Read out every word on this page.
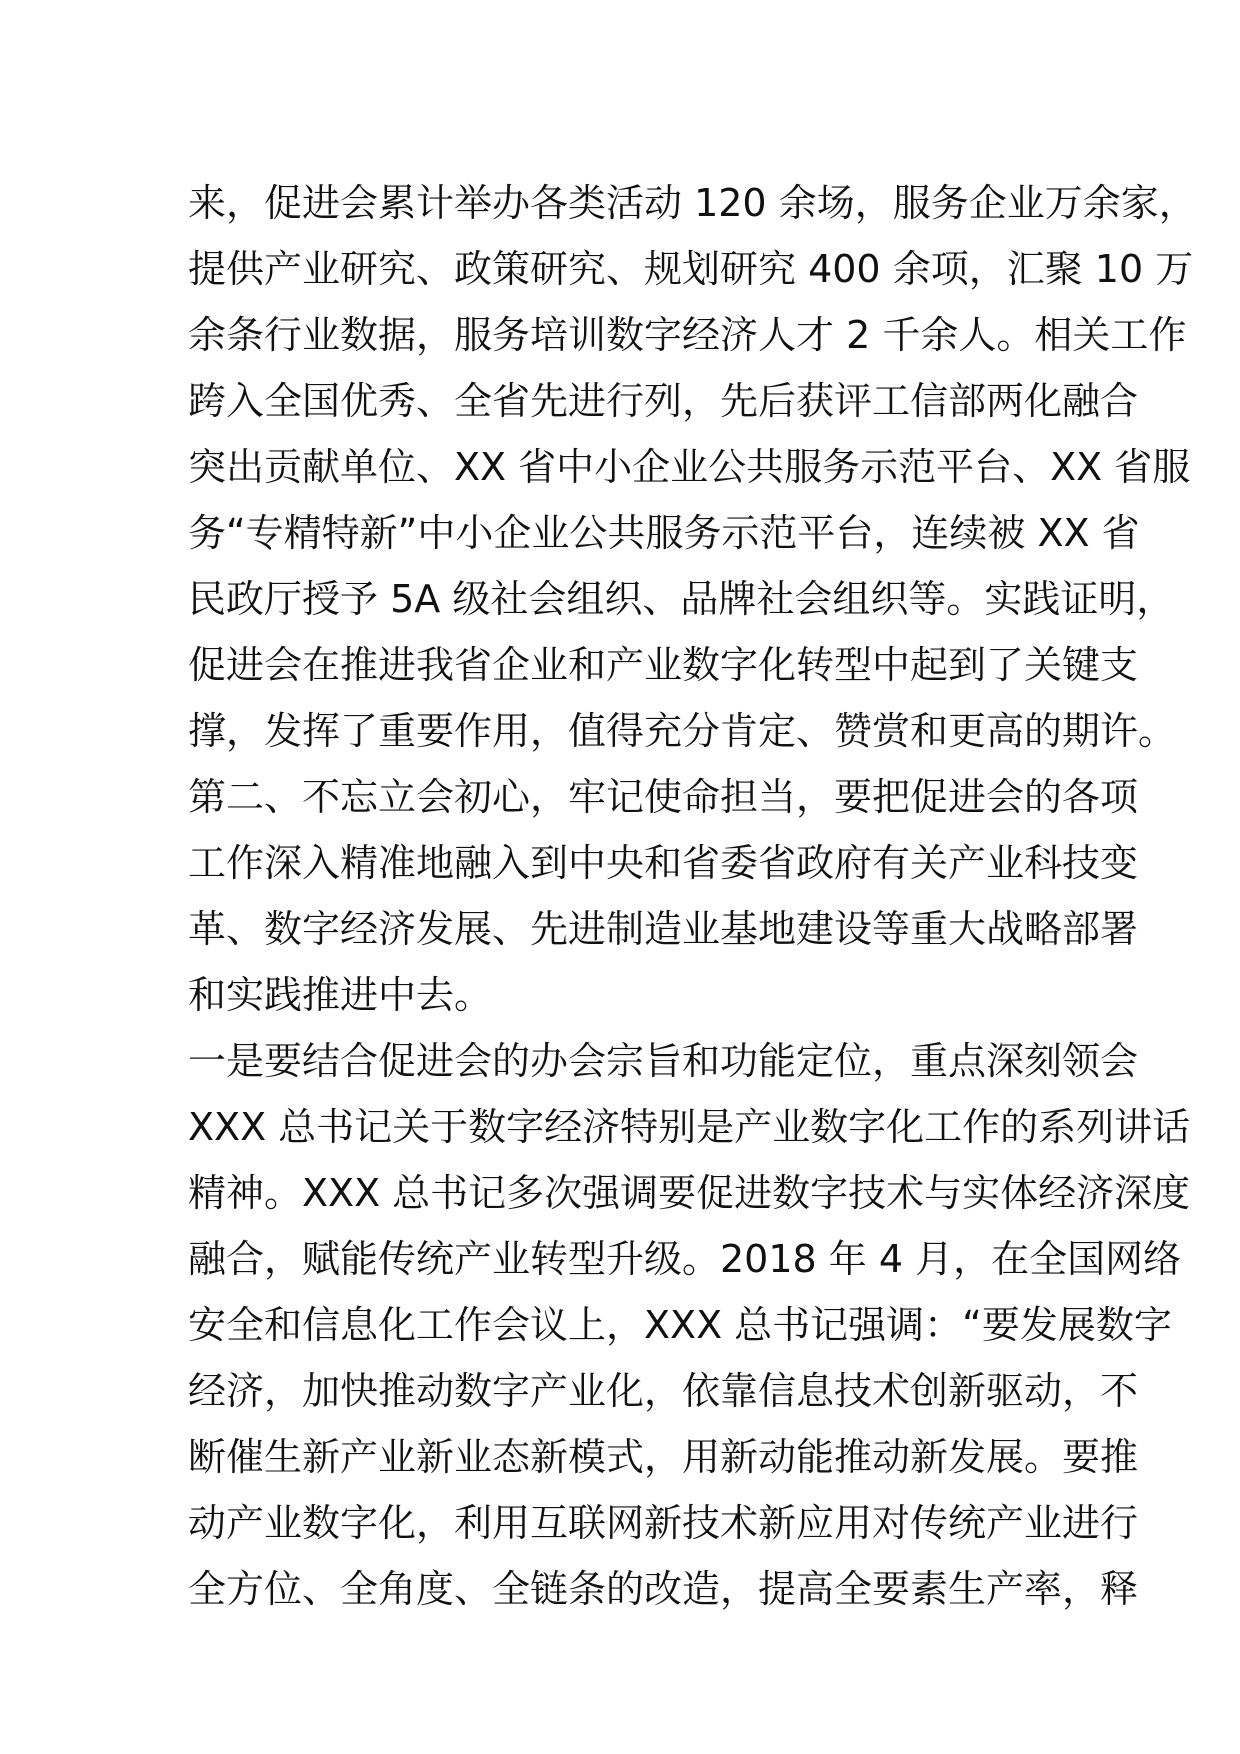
来，促进会累计举办各类活动 120 余场，服务企业万余家，
提供产业研究、政策研究、规划研究 400 余项，汇聚 10 万
余条行业数据，服务培训数字经济人才 2 千余人。相关工作
跨入全国优秀、全省先进行列，先后获评工信部两化融合
突出贡献单位、XX 省中小企业公共服务示范平台、XX 省服
务“专精特新”中小企业公共服务示范平台，连续被 XX 省
民政厅授予 5A 级社会组织、品牌社会组织等。实践证明，
促进会在推进我省企业和产业数字化转型中起到了关键支
撑，发挥了重要作用，值得充分肯定、赞赏和更高的期许。
第二、不忘立会初心，牢记使命担当，要把促进会的各项
工作深入精准地融入到中央和省委省政府有关产业科技变
革、数字经济发展、先进制造业基地建设等重大战略部署
和实践推进中去。
一是要结合促进会的办会宗旨和功能定位，重点深刻领会
XXX 总书记关于数字经济特别是产业数字化工作的系列讲话
精神。XXX 总书记多次强调要促进数字技术与实体经济深度
融合，赋能传统产业转型升级。2018 年 4 月，在全国网络
安全和信息化工作会议上，XXX 总书记强调：“要发展数字
经济，加快推动数字产业化，依靠信息技术创新驱动，不
断催生新产业新业态新模式，用新动能推动新发展。要推
动产业数字化，利用互联网新技术新应用对传统产业进行
全方位、全角度、全链条的改造，提高全要素生产率，释
